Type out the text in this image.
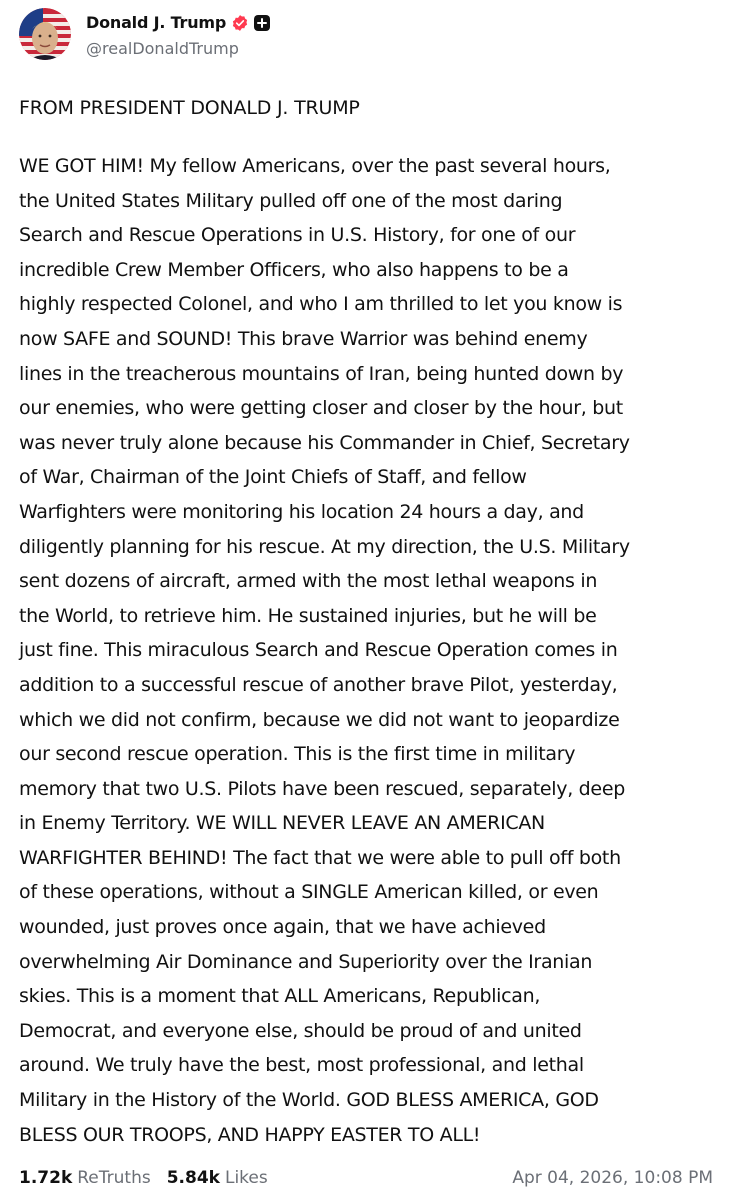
Donald J. Trump
@realDonaldTrump
FROM PRESIDENT DONALD J. TRUMP
WE GOT HIM! My fellow Americans, over the past several hours,
the United States Military pulled off one of the most daring
Search and Rescue Operations in U.S. History, for one of our
incredible Crew Member Officers, who also happens to be a
highly respected Colonel, and who I am thrilled to let you know is
now SAFE and SOUND! This brave Warrior was behind enemy
lines in the treacherous mountains of Iran, being hunted down by
our enemies, who were getting closer and closer by the hour, but
was never truly alone because his Commander in Chief, Secretary
of War, Chairman of the Joint Chiefs of Staff, and fellow
Warfighters were monitoring his location 24 hours a day, and
diligently planning for his rescue. At my direction, the U.S. Military
sent dozens of aircraft, armed with the most lethal weapons in
the World, to retrieve him. He sustained injuries, but he will be
just fine. This miraculous Search and Rescue Operation comes in
addition to a successful rescue of another brave Pilot, yesterday,
which we did not confirm, because we did not want to jeopardize
our second rescue operation. This is the first time in military
memory that two U.S. Pilots have been rescued, separately, deep
in Enemy Territory. WE WILL NEVER LEAVE AN AMERICAN
WARFIGHTER BEHIND! The fact that we were able to pull off both
of these operations, without a SINGLE American killed, or even
wounded, just proves once again, that we have achieved
overwhelming Air Dominance and Superiority over the Iranian
skies. This is a moment that ALL Americans, Republican,
Democrat, and everyone else, should be proud of and united
around. We truly have the best, most professional, and lethal
Military in the History of the World. GOD BLESS AMERICA, GOD
BLESS OUR TROOPS, AND HAPPY EASTER TO ALL!
1.72k ReTruths 5.84k Likes	Apr 04, 2026, 10:08 PM
